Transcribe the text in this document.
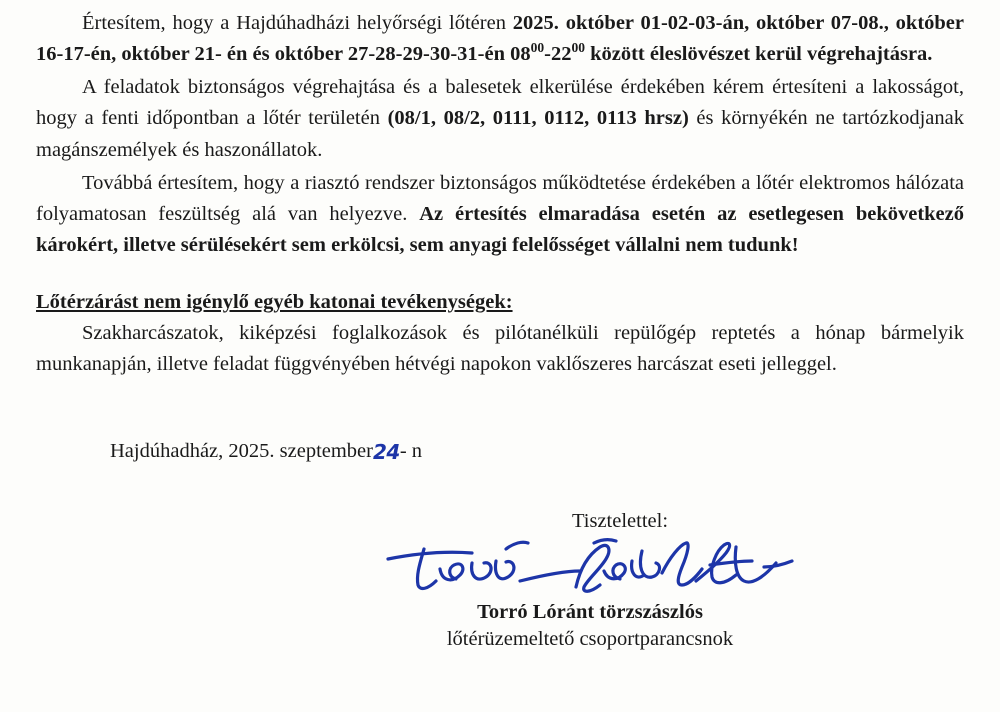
Értesítem, hogy a Hajdúhadházi helyőrségi lőtéren 2025. október 01-02-03-án, október 07-08., október 16-17-én, október 21- én és október 27-28-29-30-31-én $08^{00}-22^{00}$ között éleslövészet kerül végrehajtásra.

A feladatok biztonságos végrehajtása és a balesetek elkerülése érdekében kérem értesíteni a lakosságot, hogy a fenti időpontban a lőtér területén (08/1, 08/2, 0111, 0112, 0113 hrsz) és környékén ne tartózkodjanak magánszemélyek és haszonállatok.

Továbbá értesítem, hogy a riasztó rendszer biztonságos működtetése érdekében a lőtér elektromos hálózata folyamatosan feszültség alá van helyezve. Az értesítés elmaradása esetén az esetlegesen bekövetkező károkért, illetve sérülésekért sem erkölcsi, sem anyagi felelősséget vállalni nem tudunk!

Lőtérzárást nem igénylő egyéb katonai tevékenységek:

Szakharcászatok, kiképzési foglalkozások és pilótanélküli repülőgép reptetés a hónap bármelyik munkanapján, illetve feladat függvényében hétvégi napokon vaklőszeres harcászat eseti jelleggel.

Hajdúhadház, 2025. szeptember24- n

Tisztelettel:

Torró Lóránt törzszászlós
lőtérüzemeltető csoportparancsnok
